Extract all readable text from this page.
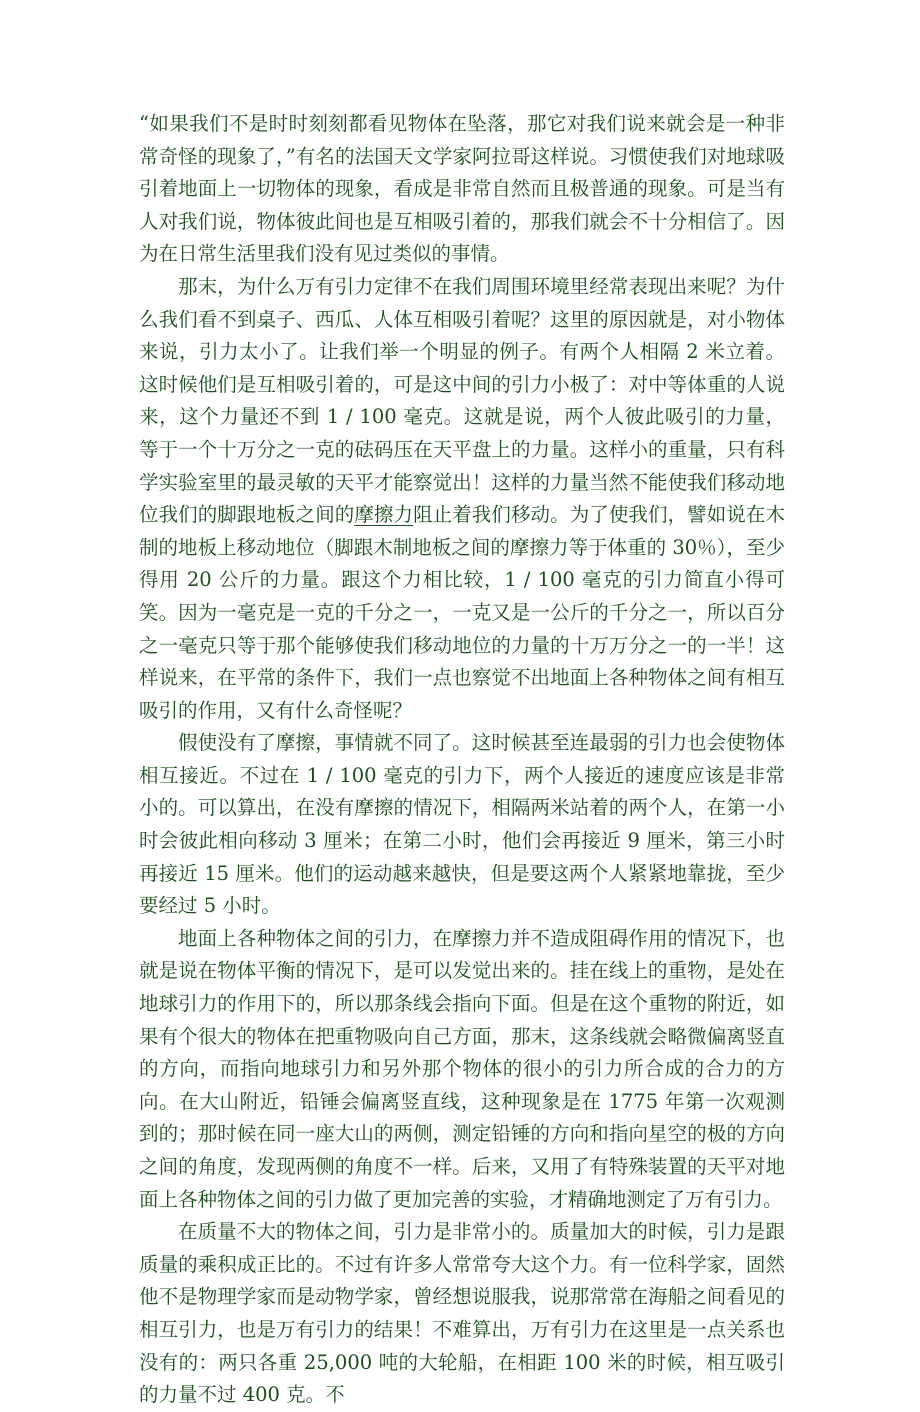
“如果我们不是时时刻刻都看见物体在坠落，那它对我们说来就会是一种非常奇怪的现象了，”有名的法国天文学家阿拉哥这样说。习惯使我们对地球吸引着地面上一切物体的现象，看成是非常自然而且极普通的现象。可是当有人对我们说，物体彼此间也是互相吸引着的，那我们就会不十分相信了。因为在日常生活里我们没有见过类似的事情。

那末，为什么万有引力定律不在我们周围环境里经常表现出来呢？为什么我们看不到桌子、西瓜、人体互相吸引着呢？这里的原因就是，对小物体来说，引力太小了。让我们举一个明显的例子。有两个人相隔 2 米立着。这时候他们是互相吸引着的，可是这中间的引力小极了：对中等体重的人说来，这个力量还不到 1 / 100 毫克。这就是说，两个人彼此吸引的力量，等于一个十万分之一克的砝码压在天平盘上的力量。这样小的重量，只有科学实验室里的最灵敏的天平才能察觉出！这样的力量当然不能使我们移动地位我们的脚跟地板之间的摩擦力阻止着我们移动。为了使我们，譬如说在木制的地板上移动地位（脚跟木制地板之间的摩擦力等于体重的 30％），至少得用 20 公斤的力量。跟这个力相比较，1 / 100 毫克的引力简直小得可笑。因为一毫克是一克的千分之一，一克又是一公斤的千分之一，所以百分之一毫克只等于那个能够使我们移动地位的力量的十万万分之一的一半！这样说来，在平常的条件下，我们一点也察觉不出地面上各种物体之间有相互吸引的作用，又有什么奇怪呢？

假使没有了摩擦，事情就不同了。这时候甚至连最弱的引力也会使物体相互接近。不过在 1 / 100 毫克的引力下，两个人接近的速度应该是非常小的。可以算出，在没有摩擦的情况下，相隔两米站着的两个人，在第一小时会彼此相向移动 3 厘米；在第二小时，他们会再接近 9 厘米，第三小时再接近 15 厘米。他们的运动越来越快，但是要这两个人紧紧地靠拢，至少要经过 5 小时。

地面上各种物体之间的引力，在摩擦力并不造成阻碍作用的情况下，也就是说在物体平衡的情况下，是可以发觉出来的。挂在线上的重物，是处在地球引力的作用下的，所以那条线会指向下面。但是在这个重物的附近，如果有个很大的物体在把重物吸向自己方面，那末，这条线就会略微偏离竖直的方向，而指向地球引力和另外那个物体的很小的引力所合成的合力的方向。在大山附近，铅锤会偏离竖直线，这种现象是在 1775 年第一次观测到的；那时候在同一座大山的两侧，测定铅锤的方向和指向星空的极的方向之间的角度，发现两侧的角度不一样。后来，又用了有特殊装置的天平对地面上各种物体之间的引力做了更加完善的实验，才精确地测定了万有引力。

在质量不大的物体之间，引力是非常小的。质量加大的时候，引力是跟质量的乘积成正比的。不过有许多人常常夸大这个力。有一位科学家，固然他不是物理学家而是动物学家，曾经想说服我，说那常常在海船之间看见的相互引力，也是万有引力的结果！不难算出，万有引力在这里是一点关系也没有的：两只各重 25,000 吨的大轮船，在相距 100 米的时候，相互吸引的力量不过 400 克。不
